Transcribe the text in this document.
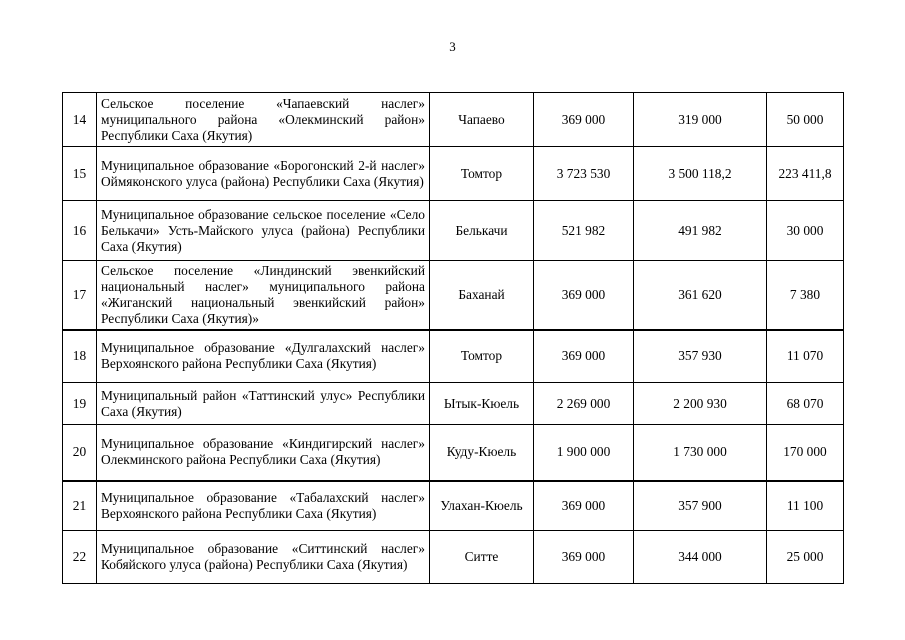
3
14	Сельское поселение «Чапаевский наслег» муниципального района «Олекминский район» Республики Саха (Якутия)	Чапаево	369 000	319 000	50 000
15	Муниципальное образование «Борогонский 2-й наслег» Оймяконского улуса (района) Республики Саха (Якутия)	Томтор	3 723 530	3 500 118,2	223 411,8
16	Муниципальное образование сельское поселение «Село Белькачи» Усть-Майского улуса (района) Республики Саха (Якутия)	Белькачи	521 982	491 982	30 000
17	Сельское поселение «Линдинский эвенкийский национальный наслег» муниципального района «Жиганский национальный эвенкийский район» Республики Саха (Якутия)»	Баханай	369 000	361 620	7 380
18	Муниципальное образование «Дулгалахский наслег» Верхоянского района Республики Саха (Якутия)	Томтор	369 000	357 930	11 070
19	Муниципальный район «Таттинский улус» Республики Саха (Якутия)	Ытык-Кюель	2 269 000	2 200 930	68 070
20	Муниципальное образование «Киндигирский наслег» Олекминского района Республики Саха (Якутия)	Куду-Кюель	1 900 000	1 730 000	170 000
21	Муниципальное образование «Табалахский наслег» Верхоянского района Республики Саха (Якутия)	Улахан-Кюель	369 000	357 900	11 100
22	Муниципальное образование «Ситтинский наслег» Кобяйского улуса (района) Республики Саха (Якутия)	Ситте	369 000	344 000	25 000
